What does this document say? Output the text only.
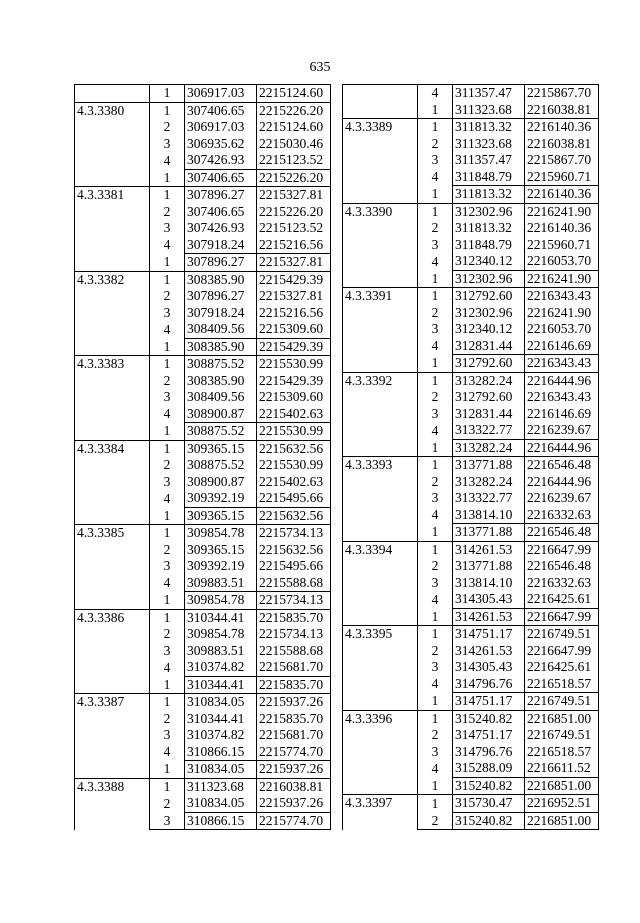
635
	1	306917.03	2215124.60
4.3.3380	1	307406.65	2215226.20
	2	306917.03	2215124.60
	3	306935.62	2215030.46
	4	307426.93	2215123.52
	1	307406.65	2215226.20
4.3.3381	1	307896.27	2215327.81
	2	307406.65	2215226.20
	3	307426.93	2215123.52
	4	307918.24	2215216.56
	1	307896.27	2215327.81
4.3.3382	1	308385.90	2215429.39
	2	307896.27	2215327.81
	3	307918.24	2215216.56
	4	308409.56	2215309.60
	1	308385.90	2215429.39
4.3.3383	1	308875.52	2215530.99
	2	308385.90	2215429.39
	3	308409.56	2215309.60
	4	308900.87	2215402.63
	1	308875.52	2215530.99
4.3.3384	1	309365.15	2215632.56
	2	308875.52	2215530.99
	3	308900.87	2215402.63
	4	309392.19	2215495.66
	1	309365.15	2215632.56
4.3.3385	1	309854.78	2215734.13
	2	309365.15	2215632.56
	3	309392.19	2215495.66
	4	309883.51	2215588.68
	1	309854.78	2215734.13
4.3.3386	1	310344.41	2215835.70
	2	309854.78	2215734.13
	3	309883.51	2215588.68
	4	310374.82	2215681.70
	1	310344.41	2215835.70
4.3.3387	1	310834.05	2215937.26
	2	310344.41	2215835.70
	3	310374.82	2215681.70
	4	310866.15	2215774.70
	1	310834.05	2215937.26
4.3.3388	1	311323.68	2216038.81
	2	310834.05	2215937.26
	3	310866.15	2215774.70
	4	311357.47	2215867.70
	1	311323.68	2216038.81
4.3.3389	1	311813.32	2216140.36
	2	311323.68	2216038.81
	3	311357.47	2215867.70
	4	311848.79	2215960.71
	1	311813.32	2216140.36
4.3.3390	1	312302.96	2216241.90
	2	311813.32	2216140.36
	3	311848.79	2215960.71
	4	312340.12	2216053.70
	1	312302.96	2216241.90
4.3.3391	1	312792.60	2216343.43
	2	312302.96	2216241.90
	3	312340.12	2216053.70
	4	312831.44	2216146.69
	1	312792.60	2216343.43
4.3.3392	1	313282.24	2216444.96
	2	312792.60	2216343.43
	3	312831.44	2216146.69
	4	313322.77	2216239.67
	1	313282.24	2216444.96
4.3.3393	1	313771.88	2216546.48
	2	313282.24	2216444.96
	3	313322.77	2216239.67
	4	313814.10	2216332.63
	1	313771.88	2216546.48
4.3.3394	1	314261.53	2216647.99
	2	313771.88	2216546.48
	3	313814.10	2216332.63
	4	314305.43	2216425.61
	1	314261.53	2216647.99
4.3.3395	1	314751.17	2216749.51
	2	314261.53	2216647.99
	3	314305.43	2216425.61
	4	314796.76	2216518.57
	1	314751.17	2216749.51
4.3.3396	1	315240.82	2216851.00
	2	314751.17	2216749.51
	3	314796.76	2216518.57
	4	315288.09	2216611.52
	1	315240.82	2216851.00
4.3.3397	1	315730.47	2216952.51
	2	315240.82	2216851.00
